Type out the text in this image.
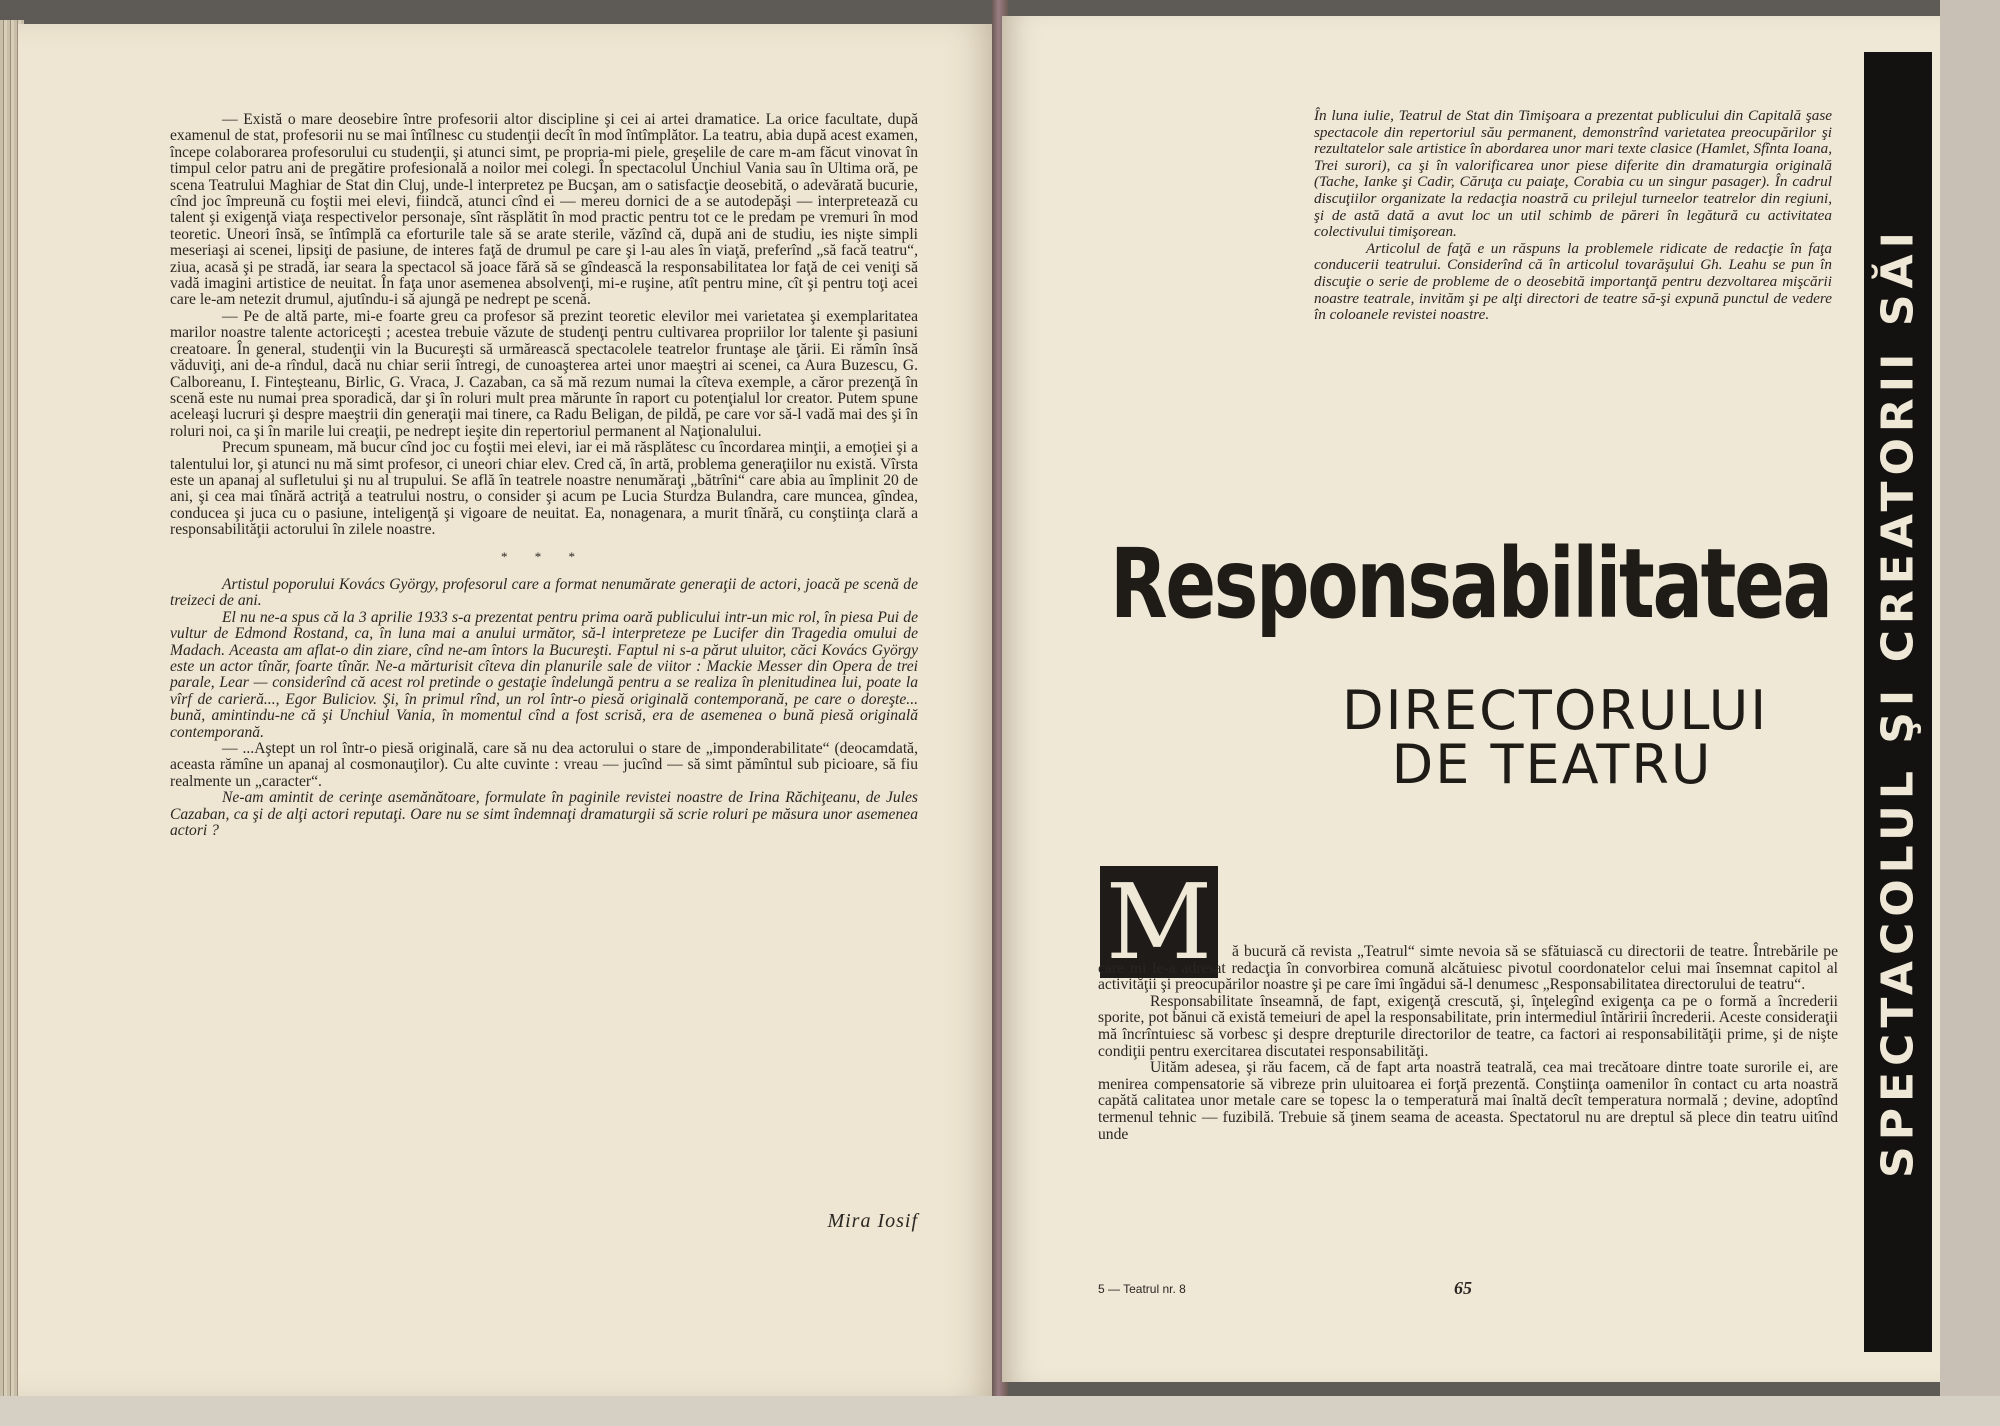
— Există o mare deosebire între profesorii altor discipline şi cei ai artei dramatice. La orice facultate, după examenul de stat, profesorii nu se mai întîlnesc cu studenţii decît în mod întîmplător. La teatru, abia după acest examen, începe colaborarea profesorului cu studenţii, şi atunci simt, pe propria-mi piele, greşelile de care m-am făcut vinovat în timpul celor patru ani de pregătire profesională a noilor mei colegi. În spectacolul Unchiul Vania sau în Ultima oră, pe scena Teatrului Maghiar de Stat din Cluj, unde-l interpretez pe Bucşan, am o satisfacţie deosebită, o adevărată bucurie, cînd joc împreună cu foştii mei elevi, fiindcă, atunci cînd ei — mereu dornici de a se autodepăşi — interpretează cu talent şi exigenţă viaţa respectivelor personaje, sînt răsplătit în mod practic pentru tot ce le predam pe vremuri în mod teoretic. Uneori însă, se întîmplă ca eforturile tale să se arate sterile, văzînd că, după ani de studiu, ies nişte simpli meseriaşi ai scenei, lipsiţi de pasiune, de interes faţă de drumul pe care şi l-au ales în viaţă, preferînd „să facă teatru“, ziua, acasă şi pe stradă, iar seara la spectacol să joace fără să se gîndească la responsabilitatea lor faţă de cei veniţi să vadă imagini artistice de neuitat. În faţa unor asemenea absolvenţi, mi-e ruşine, atît pentru mine, cît şi pentru toţi acei care le-am netezit drumul, ajutîndu-i să ajungă pe nedrept pe scenă.

— Pe de altă parte, mi-e foarte greu ca profesor să prezint teoretic elevilor mei varietatea şi exemplaritatea marilor noastre talente actoriceşti ; acestea trebuie văzute de studenţi pentru cultivarea propriilor lor talente şi pasiuni creatoare. În general, studenţii vin la Bucureşti să urmărească spectacolele teatrelor fruntaşe ale ţării. Ei rămîn însă văduviţi, ani de-a rîndul, dacă nu chiar serii întregi, de cunoaşterea artei unor maeştri ai scenei, ca Aura Buzescu, G. Calboreanu, I. Finteşteanu, Birlic, G. Vraca, J. Cazaban, ca să mă rezum numai la cîteva exemple, a căror prezenţă în scenă este nu numai prea sporadică, dar şi în roluri mult prea mărunte în raport cu potenţialul lor creator. Putem spune aceleaşi lucruri şi despre maeştrii din generaţii mai tinere, ca Radu Beligan, de pildă, pe care vor să-l vadă mai des şi în roluri noi, ca şi în marile lui creaţii, pe nedrept ieşite din repertoriul permanent al Naţionalului.

Precum spuneam, mă bucur cînd joc cu foştii mei elevi, iar ei mă răsplătesc cu încordarea minţii, a emoţiei şi a talentului lor, şi atunci nu mă simt profesor, ci uneori chiar elev. Cred că, în artă, problema generaţiilor nu există. Vîrsta este un apanaj al sufletului şi nu al trupului. Se află în teatrele noastre nenumăraţi „bătrîni“ care abia au împlinit 20 de ani, şi cea mai tînără actriţă a teatrului nostru, o consider şi acum pe Lucia Sturdza Bulandra, care muncea, gîndea, conducea şi juca cu o pasiune, inteligenţă şi vigoare de neuitat. Ea, nonagenara, a murit tînără, cu conştiinţa clară a responsabilităţii actorului în zilele noastre.

* * *

Artistul poporului Kovács György, profesorul care a format nenumărate generaţii de actori, joacă pe scenă de treizeci de ani.

El nu ne-a spus că la 3 aprilie 1933 s-a prezentat pentru prima oară publicului intr-un mic rol, în piesa Pui de vultur de Edmond Rostand, ca, în luna mai a anului următor, să-l interpreteze pe Lucifer din Tragedia omului de Madach. Aceasta am aflat-o din ziare, cînd ne-am întors la Bucureşti. Faptul ni s-a părut uluitor, căci Kovács György este un actor tînăr, foarte tînăr. Ne-a mărturisit cîteva din planurile sale de viitor : Mackie Messer din Opera de trei parale, Lear — considerînd că acest rol pretinde o gestaţie îndelungă pentru a se realiza în plenitudinea lui, poate la vîrf de carieră..., Egor Buliciov. Şi, în primul rînd, un rol într-o piesă originală contemporană, pe care o doreşte... bună, amintindu-ne că şi Unchiul Vania, în momentul cînd a fost scrisă, era de asemenea o bună piesă originală contemporană.

— ...Aştept un rol într-o piesă originală, care să nu dea actorului o stare de „imponderabilitate“ (deocamdată, aceasta rămîne un apanaj al cosmonauţilor). Cu alte cuvinte : vreau — jucînd — să simt pămîntul sub picioare, să fiu realmente un „caracter“.

Ne-am amintit de cerinţe asemănătoare, formulate în paginile revistei noastre de Irina Răchiţeanu, de Jules Cazaban, ca şi de alţi actori reputaţi. Oare nu se simt îndemnaţi dramaturgii să scrie roluri pe măsura unor asemenea actori ?

Mira Iosif

În luna iulie, Teatrul de Stat din Timişoara a prezentat publicului din Capitală şase spectacole din repertoriul său permanent, demonstrînd varietatea preocupărilor şi rezultatelor sale artistice în abordarea unor mari texte clasice (Hamlet, Sfînta Ioana, Trei surori), ca şi în valorificarea unor piese diferite din dramaturgia originală (Tache, Ianke şi Cadir, Căruţa cu paiaţe, Corabia cu un singur pasager). În cadrul discuţiilor organizate la redacţia noastră cu prilejul turneelor teatrelor din regiuni, şi de astă dată a avut loc un util schimb de păreri în legătură cu activitatea colectivului timişorean.

Articolul de faţă e un răspuns la problemele ridicate de redacţie în faţa conducerii teatrului. Considerînd că în articolul tovarăşului Gh. Leahu se pun în discuţie o serie de probleme de o deosebită importanţă pentru dezvoltarea mişcării noastre teatrale, invităm şi pe alţi directori de teatre să-şi expună punctul de vedere în coloanele revistei noastre.

Responsabilitatea
DIRECTORULUI
DE TEATRU
M	ă bucură că revista „Teatrul“ simte nevoia să se sfătuiască cu directorii de teatre. Întrebările pe care mi le-a adresat redacţia în convorbirea comună alcătuiesc pivotul coordonatelor celui mai însemnat capitol al activităţii şi preocupărilor noastre şi pe care îmi îngădui să-l denumesc „Responsabilitatea directorului de teatru“.

Responsabilitate înseamnă, de fapt, exigenţă crescută, şi, înţelegînd exigenţa ca pe o formă a încrederii sporite, pot bănui că există temeiuri de apel la responsabilitate, prin intermediul întăririi încrederii. Aceste consideraţii mă încrîntuiesc să vorbesc şi despre drepturile directorilor de teatre, ca factori ai responsabilităţii prime, şi de nişte condiţii pentru exercitarea discutatei responsabilităţi.

Uităm adesea, şi rău facem, că de fapt arta noastră teatrală, cea mai trecătoare dintre toate surorile ei, are menirea compensatorie să vibreze prin uluitoarea ei forţă prezentă. Conştiinţa oamenilor în contact cu arta noastră capătă calitatea unor metale care se topesc la o temperatură mai înaltă decît temperatura normală ; devine, adoptînd termenul tehnic — fuzibilă. Trebuie să ţinem seama de aceasta. Spectatorul nu are dreptul să plece din teatru uitînd unde

5 — Teatrul nr. 8	65
SPECTACOLUL ŞI CREATORII SĂI
